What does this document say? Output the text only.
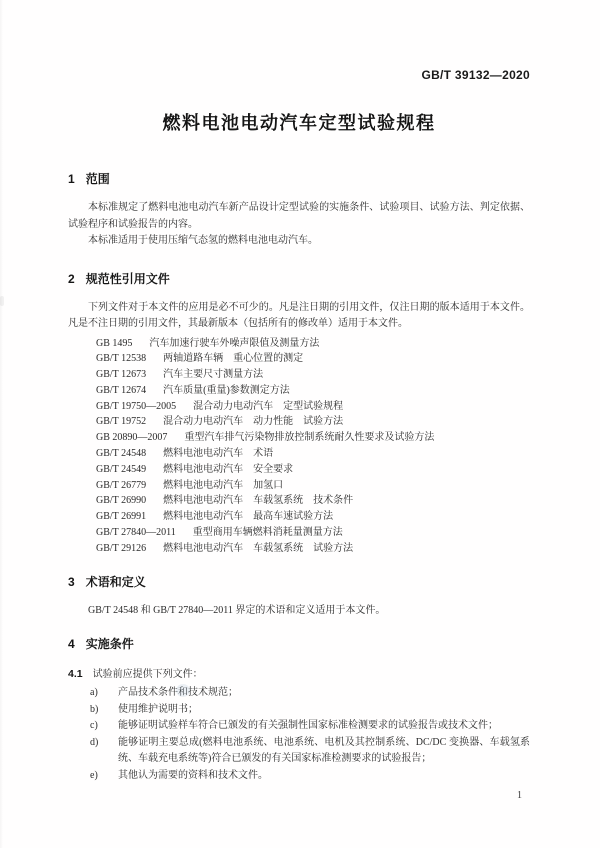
GB/T 39132—2020
燃料电池电动汽车定型试验规程
1 范围

本标准规定了燃料电池电动汽车新产品设计定型试验的实施条件、试验项目、试验方法、判定依据、试验程序和试验报告的内容。

本标准适用于使用压缩气态氢的燃料电池电动汽车。

2 规范性引用文件

下列文件对于本文件的应用是必不可少的。凡是注日期的引用文件，仅注日期的版本适用于本文件。凡是不注日期的引用文件，其最新版本（包括所有的修改单）适用于本文件。

GB 1495 汽车加速行驶车外噪声限值及测量方法
GB/T 12538 两轴道路车辆　重心位置的测定
GB/T 12673 汽车主要尺寸测量方法
GB/T 12674 汽车质量(重量)参数测定方法
GB/T 19750—2005 混合动力电动汽车　定型试验规程
GB/T 19752 混合动力电动汽车　动力性能　试验方法
GB 20890—2007 重型汽车排气污染物排放控制系统耐久性要求及试验方法
GB/T 24548 燃料电池电动汽车　术语
GB/T 24549 燃料电池电动汽车　安全要求
GB/T 26779 燃料电池电动汽车　加氢口
GB/T 26990 燃料电池电动汽车　车载氢系统　技术条件
GB/T 26991 燃料电池电动汽车　最高车速试验方法
GB/T 27840—2011 重型商用车辆燃料消耗量测量方法
GB/T 29126 燃料电池电动汽车　车载氢系统　试验方法
3 术语和定义

GB/T 24548 和 GB/T 27840—2011 界定的术语和定义适用于本文件。

4 实施条件
4.1 试验前应提供下列文件：
a)	产品技术条件和技术规范；
b)	使用维护说明书；
c)	能够证明试验样车符合已颁发的有关强制性国家标准检测要求的试验报告或技术文件；
d)	能够证明主要总成(燃料电池系统、电池系统、电机及其控制系统、DC/DC 变换器、车载氢系统、车载充电系统等)符合已颁发的有关国家标准检测要求的试验报告；
e)	其他认为需要的资料和技术文件。
1
